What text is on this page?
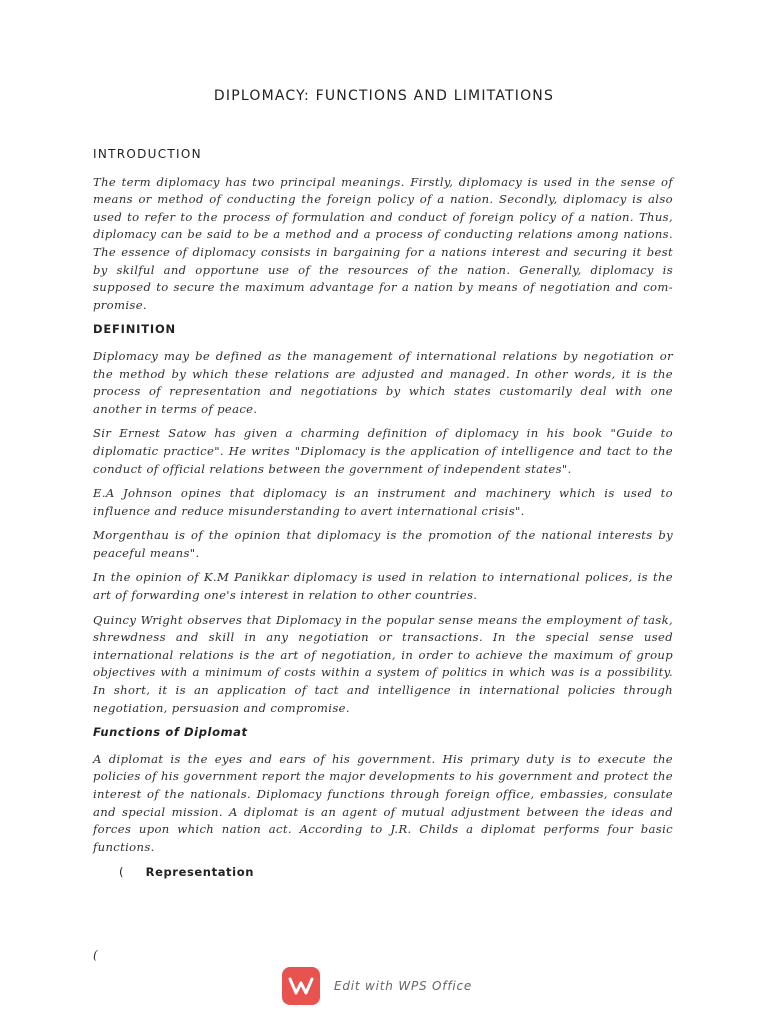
DIPLOMACY: FUNCTIONS AND LIMITATIONS
INTRODUCTION

The term diplomacy has two principal meanings. Firstly, diplomacy is used in the sense of means or method of conducting the foreign policy of a nation. Secondly, diplomacy is also used to refer to the process of formulation and conduct of foreign policy of a nation. Thus, diplomacy can be said to be a method and a process of conducting relations among nations. The essence of diplomacy consists in bargaining for a nations interest and securing it best by skilful and opportune use of the resources of the nation. Generally, diplomacy is supposed to secure the maximum advantage for a nation by means of negotiation and com-promise.

DEFINITION

Diplomacy may be defined as the management of international relations by negotiation or the method by which these relations are adjusted and managed. In other words, it is the process of representation and negotiations by which states customarily deal with one another in terms of peace.

Sir Ernest Satow has given a charming definition of diplomacy in his book "Guide to diplomatic practice". He writes "Diplomacy is the application of intelligence and tact to the conduct of official relations between the government of independent states".

E.A Johnson opines that diplomacy is an instrument and machinery which is used to influence and reduce misunderstanding to avert international crisis".

Morgenthau is of the opinion that diplomacy is the promotion of the national interests by peaceful means".

In the opinion of K.M Panikkar diplomacy is used in relation to international polices, is the art of forwarding one's interest in relation to other countries.

Quincy Wright observes that Diplomacy in the popular sense means the employment of task, shrewdness and skill in any negotiation or transactions. In the special sense used international relations is the art of negotiation, in order to achieve the maximum of group objectives with a minimum of costs within a system of politics in which was is a possibility. In short, it is an application of tact and intelligence in international policies through negotiation, persuasion and compromise.

Functions of Diplomat

A diplomat is the eyes and ears of his government. His primary duty is to execute the policies of his government report the major developments to his government and protect the interest of the nationals. Diplomacy functions through foreign office, embassies, consulate and special mission. A diplomat is an agent of mutual adjustment between the ideas and forces upon which nation act. According to J.R. Childs a diplomat performs four basic functions.

( Representation
(
Edit with WPS Office
